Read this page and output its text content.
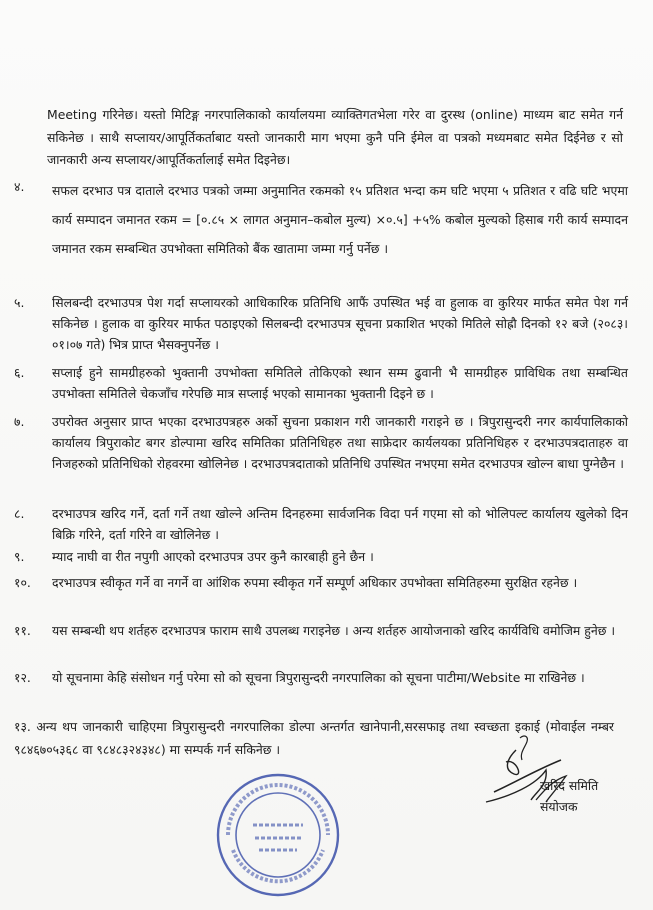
Meeting गरिनेछ। यस्तो मिटिङ्ग नगरपालिकाको कार्यालयमा व्याक्तिगतभेला गरेर वा दुरस्थ (online) माध्यम बाट समेत गर्न सकिनेछ । साथै सप्लायर/आपूर्तिकर्ताबाट यस्तो जानकारी माग भएमा कुनै पनि ईमेल वा पत्रको मध्यमबाट समेत दिईनेछ र सो जानकारी अन्य सप्लायर/आपूर्तिकर्तालाई समेत दिइनेछ।
४.	सफल दरभाउ पत्र दाताले दरभाउ पत्रको जम्मा अनुमानित रकमको १५ प्रतिशत भन्दा कम घटि भएमा ५ प्रतिशत र वढि घटि भएमा कार्य सम्पादन जमानत रकम = [०.८५ × लागत अनुमान–कबोल मुल्य) ×०.५] +५% कबोल मुल्यको हिसाब गरी कार्य सम्पादन जमानत रकम सम्बन्धित उपभोक्ता समितिको बैंक खातामा जम्मा गर्नु पर्नेछ ।
५.	सिलबन्दी दरभाउपत्र पेश गर्दा सप्लायरको आधिकारिक प्रतिनिधि आफैं उपस्थित भई वा हुलाक वा कुरियर मार्फत समेत पेश गर्न सकिनेछ । हुलाक वा कुरियर मार्फत पठाइएको सिलबन्दी दरभाउपत्र सूचना प्रकाशित भएको मितिले सोह्रौ दिनको १२ बजे (२०८३।०१।०७ गते) भित्र प्राप्त भैसक्नुपर्नेछ ।
६.	सप्लाई हुने सामग्रीहरुको भुक्तानी उपभोक्ता समितिले तोकिएको स्थान सम्म ढुवानी भै सामग्रीहरु प्राविधिक तथा सम्बन्धित उपभोक्ता समितिले चेकजाँच गरेपछि मात्र सप्लाई भएको सामानका भुक्तानी दिइने छ ।
७.	उपरोक्त अनुसार प्राप्त भएका दरभाउपत्रहरु अर्को सुचना प्रकाशन गरी जानकारी गराइने छ । त्रिपुरासुन्दरी नगर कार्यपालिकाको कार्यालय त्रिपुराकोट बगर डोल्पामा खरिद समितिका प्रतिनिधिहरु तथा साफ्रेदार कार्यलयका प्रतिनिधिहरु र दरभाउपत्रदाताहरु वा निजहरुको प्रतिनिधिको रोहवरमा खोलिनेछ । दरभाउपत्रदाताको प्रतिनिधि उपस्थित नभएमा समेत दरभाउपत्र खोल्न बाधा पुग्नेछैन ।
८.	दरभाउपत्र खरिद गर्ने, दर्ता गर्ने तथा खोल्ने अन्तिम दिनहरुमा सार्वजनिक विदा पर्न गएमा सो को भोलिपल्ट कार्यालय खुलेको दिन बिक्रि गरिने, दर्ता गरिने वा खोलिनेछ ।
९.	म्याद नाघी वा रीत नपुगी आएको दरभाउपत्र उपर कुनै कारबाही हुने छैन ।
१०.	दरभाउपत्र स्वीकृत गर्ने वा नगर्ने वा आंशिक रुपमा स्वीकृत गर्ने सम्पूर्ण अधिकार उपभोक्ता समितिहरुमा सुरक्षित रहनेछ ।
११.	यस सम्बन्धी थप शर्तहरु दरभाउपत्र फाराम साथै उपलब्ध गराइनेछ । अन्य शर्तहरु आयोजनाको खरिद कार्यविधि वमोजिम हुनेछ ।
१२.	यो सूचनामा केहि संसोधन गर्नु परेमा सो को सूचना त्रिपुरासुन्दरी नगरपालिका को सूचना पाटीमा/Website मा राखिनेछ ।
१३. अन्य थप जानकारी चाहिएमा त्रिपुरासुन्दरी नगरपालिका डोल्पा अन्तर्गत खानेपानी,सरसफाइ तथा स्वच्छता इकाई (मोवाईल नम्बर ९८४६७०५३६८ वा ९८४८३२४३४८) मा सम्पर्क गर्न सकिनेछ ।
खरिद समिति
संयोजक
